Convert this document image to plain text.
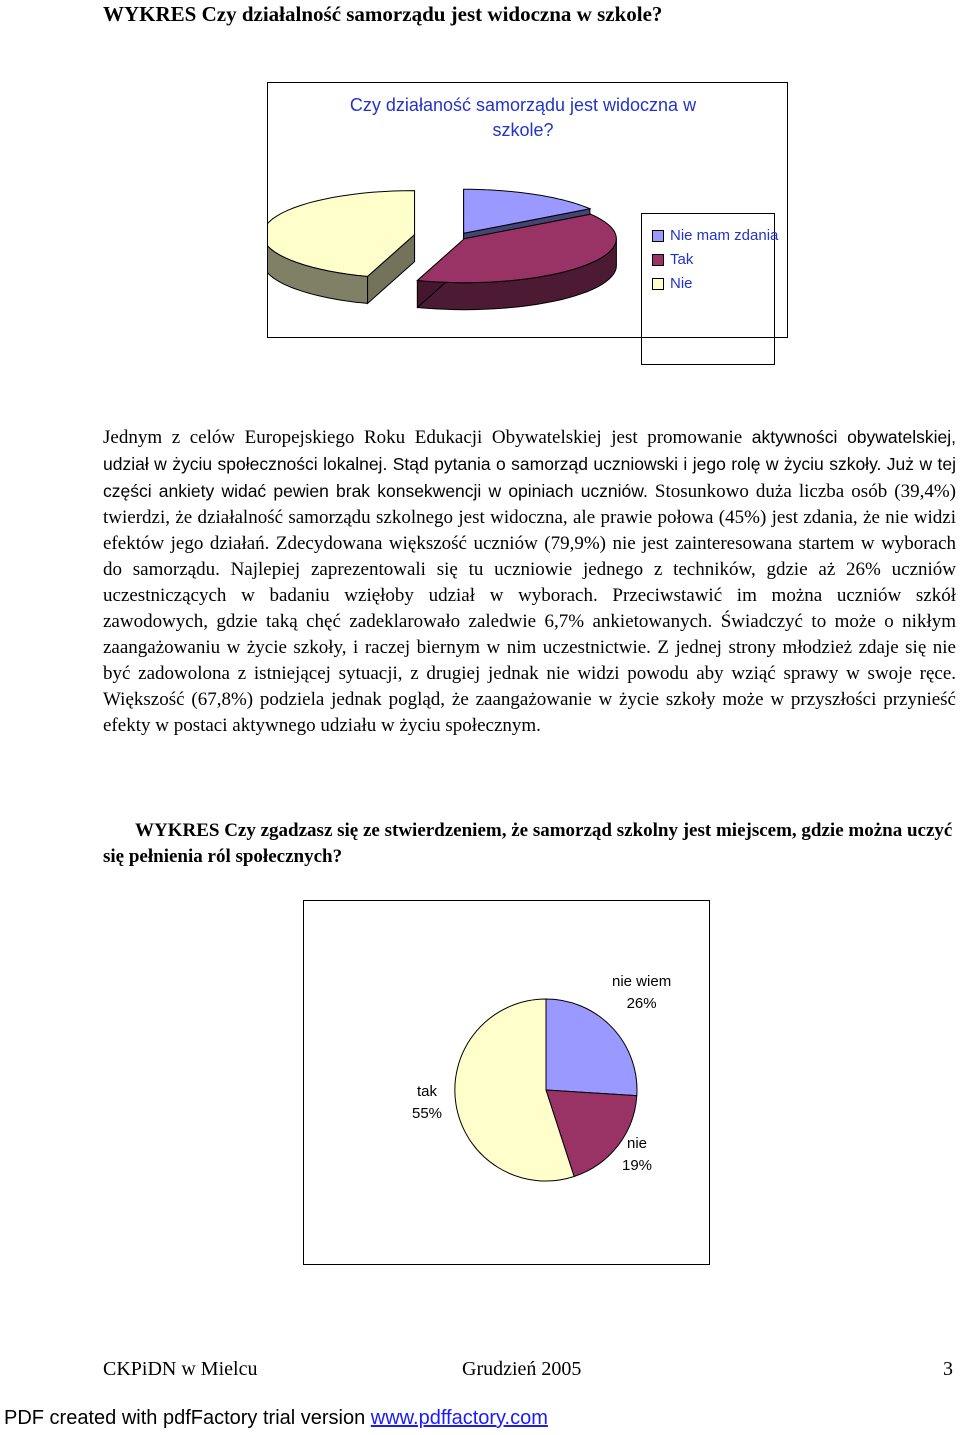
WYKRES Czy działalność samorządu jest widoczna w szkole?
Czy działaność samorządu jest widoczna w
szkole?
Nie mam zdania
Tak
Nie
Jednym z celów Europejskiego Roku Edukacji Obywatelskiej jest promowanie aktywności obywatelskiej, udział w życiu społeczności lokalnej. Stąd pytania o samorząd uczniowski i jego rolę w życiu szkoły. Już w tej części ankiety widać pewien brak konsekwencji w opiniach uczniów. Stosunkowo duża liczba osób (39,4%) twierdzi, że działalność samorządu szkolnego jest widoczna, ale prawie połowa (45%) jest zdania, że nie widzi efektów jego działań. Zdecydowana większość uczniów (79,9%) nie jest zainteresowana startem w wyborach do samorządu. Najlepiej zaprezentowali się tu uczniowie jednego z techników, gdzie aż 26% uczniów uczestniczących w badaniu wzięłoby udział w wyborach. Przeciwstawić im można uczniów szkół zawodowych, gdzie taką chęć zadeklarowało zaledwie 6,7% ankietowanych. Świadczyć to może o nikłym zaangażowaniu w życie szkoły, i raczej biernym w nim uczestnictwie. Z jednej strony młodzież zdaje się nie być zadowolona z istniejącej sytuacji, z drugiej jednak nie widzi powodu aby wziąć sprawy w swoje ręce. Większość (67,8%) podziela jednak pogląd, że zaangażowanie w życie szkoły może w przyszłości przynieść efekty w postaci aktywnego udziału w życiu społecznym.
WYKRES Czy zgadzasz się ze stwierdzeniem, że samorząd szkolny jest miejscem, gdzie można uczyć się pełnienia ról społecznych?
nie wiem
26%
tak
55%
nie
19%
CKPiDN w Mielcu	Grudzień 2005	3
PDF created with pdfFactory trial version www.pdffactory.com
